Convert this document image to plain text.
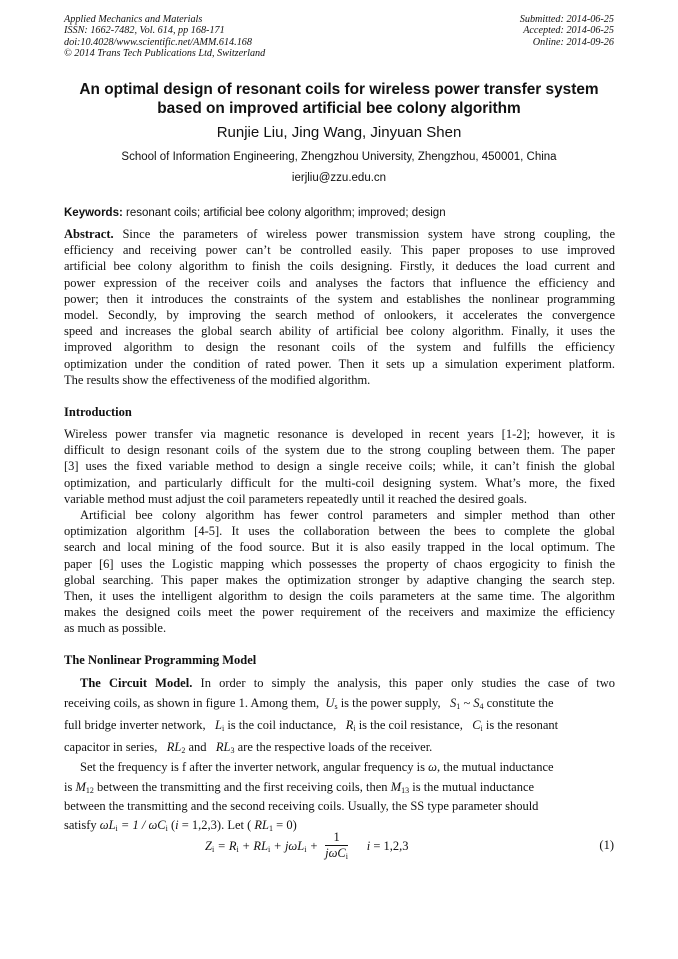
Applied Mechanics and Materials
ISSN: 1662-7482, Vol. 614, pp 168-171
doi:10.4028/www.scientific.net/AMM.614.168
© 2014 Trans Tech Publications Ltd, Switzerland
Submitted: 2014-06-25
Accepted: 2014-06-25
Online: 2014-09-26
An optimal design of resonant coils for wireless power transfer system
based on improved artificial bee colony algorithm
Runjie Liu, Jing Wang, Jinyuan Shen
School of Information Engineering, Zhengzhou University, Zhengzhou, 450001, China
ierjliu@zzu.edu.cn
Keywords: resonant coils; artificial bee colony algorithm; improved; design
Abstract. Since the parameters of wireless power transmission system have strong coupling, the
efficiency and receiving power can’t be controlled easily. This paper proposes to use improved
artificial bee colony algorithm to finish the coils designing. Firstly, it deduces the load current and
power expression of the receiver coils and analyses the factors that influence the efficiency and
power; then it introduces the constraints of the system and establishes the nonlinear programming
model. Secondly, by improving the search method of onlookers, it accelerates the convergence
speed and increases the global search ability of artificial bee colony algorithm. Finally, it uses the
improved algorithm to design the resonant coils of the system and fulfills the efficiency
optimization under the condition of rated power. Then it sets up a simulation experiment platform.
The results show the effectiveness of the modified algorithm.
Introduction
Wireless power transfer via magnetic resonance is developed in recent years [1-2]; however, it is
difficult to design resonant coils of the system due to the strong coupling between them. The paper
[3] uses the fixed variable method to design a single receive coils; while, it can’t finish the global
optimization, and particularly difficult for the multi-coil designing system. What’s more, the fixed
variable method must adjust the coil parameters repeatedly until it reached the desired goals.
Artificial bee colony algorithm has fewer control parameters and simpler method than other
optimization algorithm [4-5]. It uses the collaboration between the bees to complete the global
search and local mining of the food source. But it is also easily trapped in the local optimum. The
paper [6] uses the Logistic mapping which possesses the property of chaos ergogicity to finish the
global searching. This paper makes the optimization stronger by adaptive changing the search step.
Then, it uses the intelligent algorithm to design the coils parameters at the same time. The algorithm
makes the designed coils meet the power requirement of the receivers and maximize the efficiency
as much as possible.
The Nonlinear Programming Model
The Circuit Model. In order to simply the analysis, this paper only studies the case of two
receiving coils, as shown in figure 1. Among them, $U_s$ is the power supply, $S_1$ ~ $S_4$ constitute the
full bridge inverter network, $L_i$ is the coil inductance, $R_i$ is the coil resistance, $C_i$ is the resonant
capacitor in series, $RL_2$ and $RL_3$ are the respective loads of the receiver.
Set the frequency is f after the inverter network, angular frequency is ω, the mutual inductance
is $M_{12}$ between the transmitting and the first receiving coils, then $M_{13}$ is the mutual inductance
between the transmitting and the second receiving coils. Usually, the SS type parameter should
satisfy $\omega L_i = 1 / \omega C_i$ (i = 1,2,3). Let ( $RL_1 = 0$)
$Z_i = R_i + RL_i + j\omega L_i + \frac{1}{j\omega C_i}$ i = 1,2,3	(1)
